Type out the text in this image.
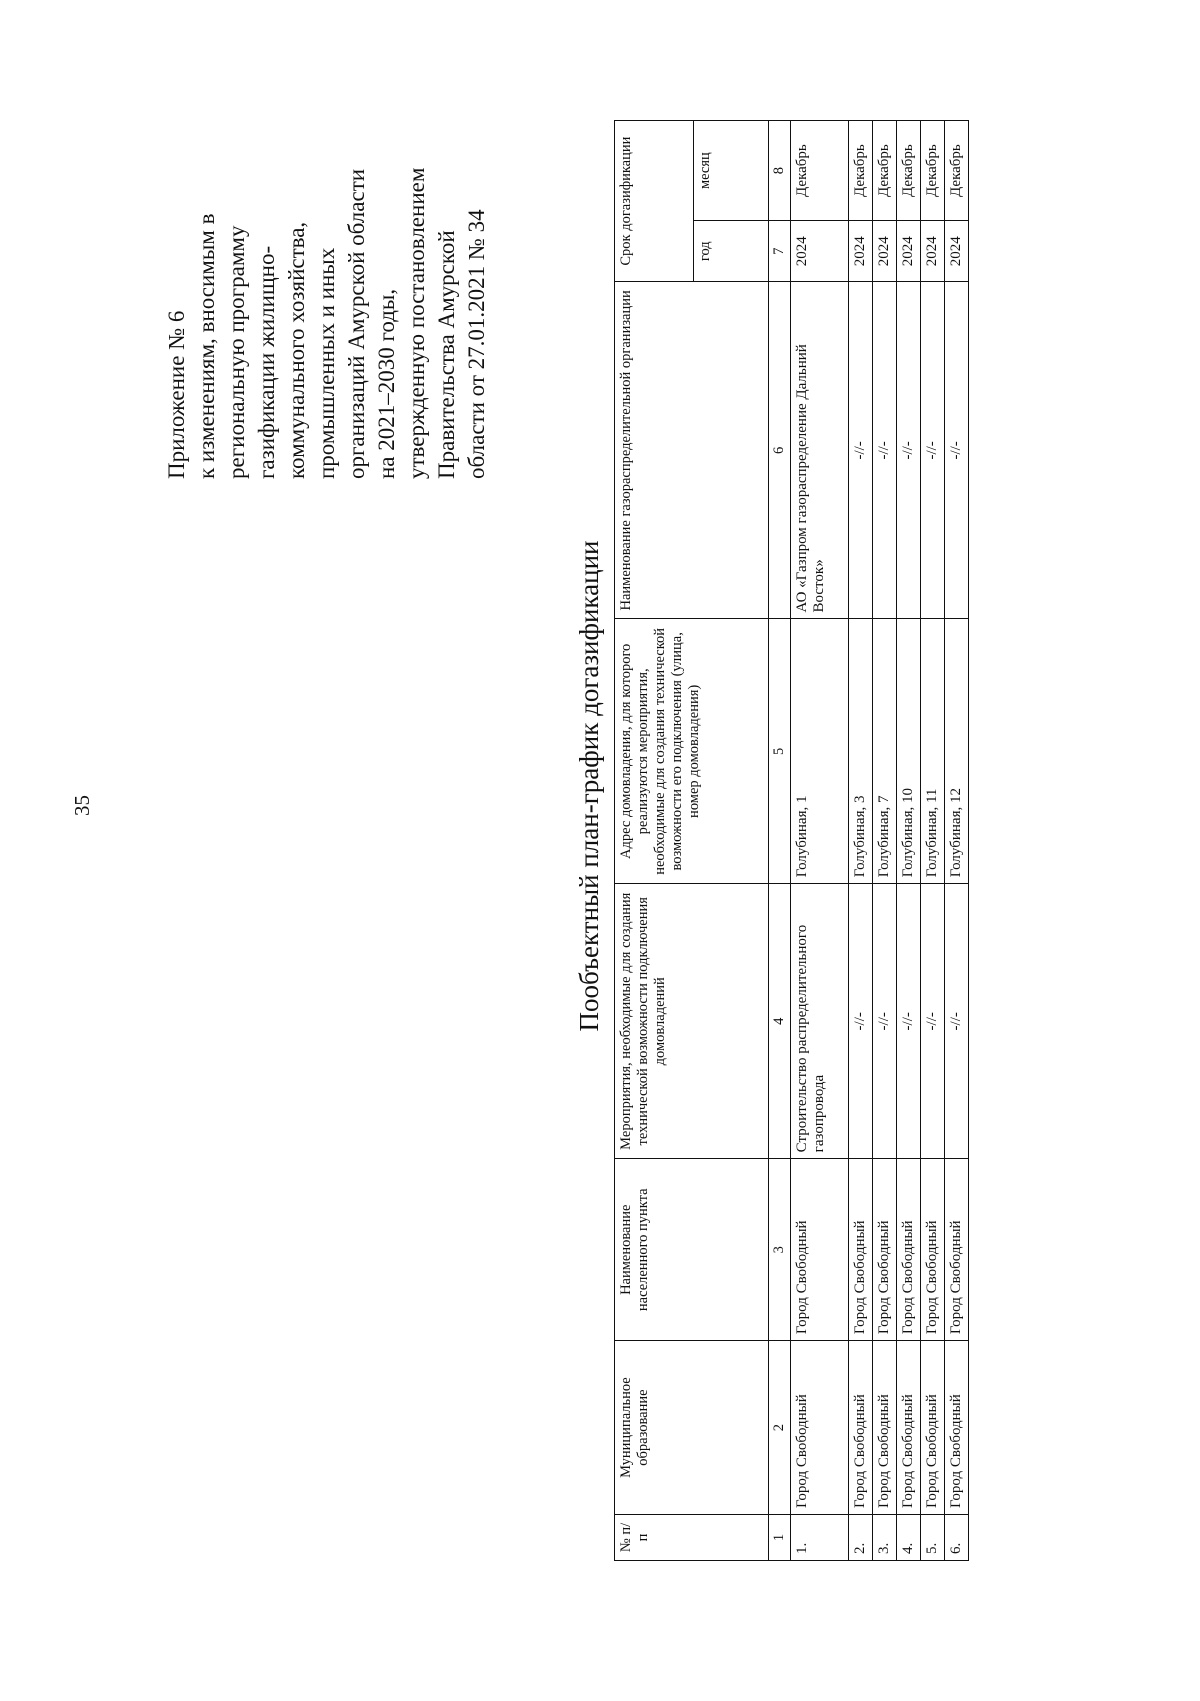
35
Приложение № 6 к изменениям, вносимым в региональную программу газификации жилищно- коммунального хозяйства, промышленных и иных организаций Амурской области на 2021–2030 годы, утвержденную постановлением Правительства Амурской области от 27.01.2021 № 34
Пообъектный план-график догазификации
№ п/п	Муниципальное образование	Наименование населенного пункта	Мероприятия, необходимые для создания технической возможности подключения домовладений	Адрес домовладения, для которого реализуются мероприятия, необходимые для создания технической возможности его подключения (улица, номер домовладения)	Наименование газораспределительной организации	Срок догазификации	
						год	месяц
1	2	3	4	5	6	7	8
1.	Город Свободный	Город Свободный	Строительство распределительного газопровода	Голубиная, 1	АО «Газпром газораспределение Дальний Восток»	2024	Декабрь
2.	Город Свободный	Город Свободный	-//-	Голубиная, 3	-//-	2024	Декабрь
3.	Город Свободный	Город Свободный	-//-	Голубиная, 7	-//-	2024	Декабрь
4.	Город Свободный	Город Свободный	-//-	Голубиная, 10	-//-	2024	Декабрь
5.	Город Свободный	Город Свободный	-//-	Голубиная, 11	-//-	2024	Декабрь
6.	Город Свободный	Город Свободный	-//-	Голубиная, 12	-//-	2024	Декабрь
